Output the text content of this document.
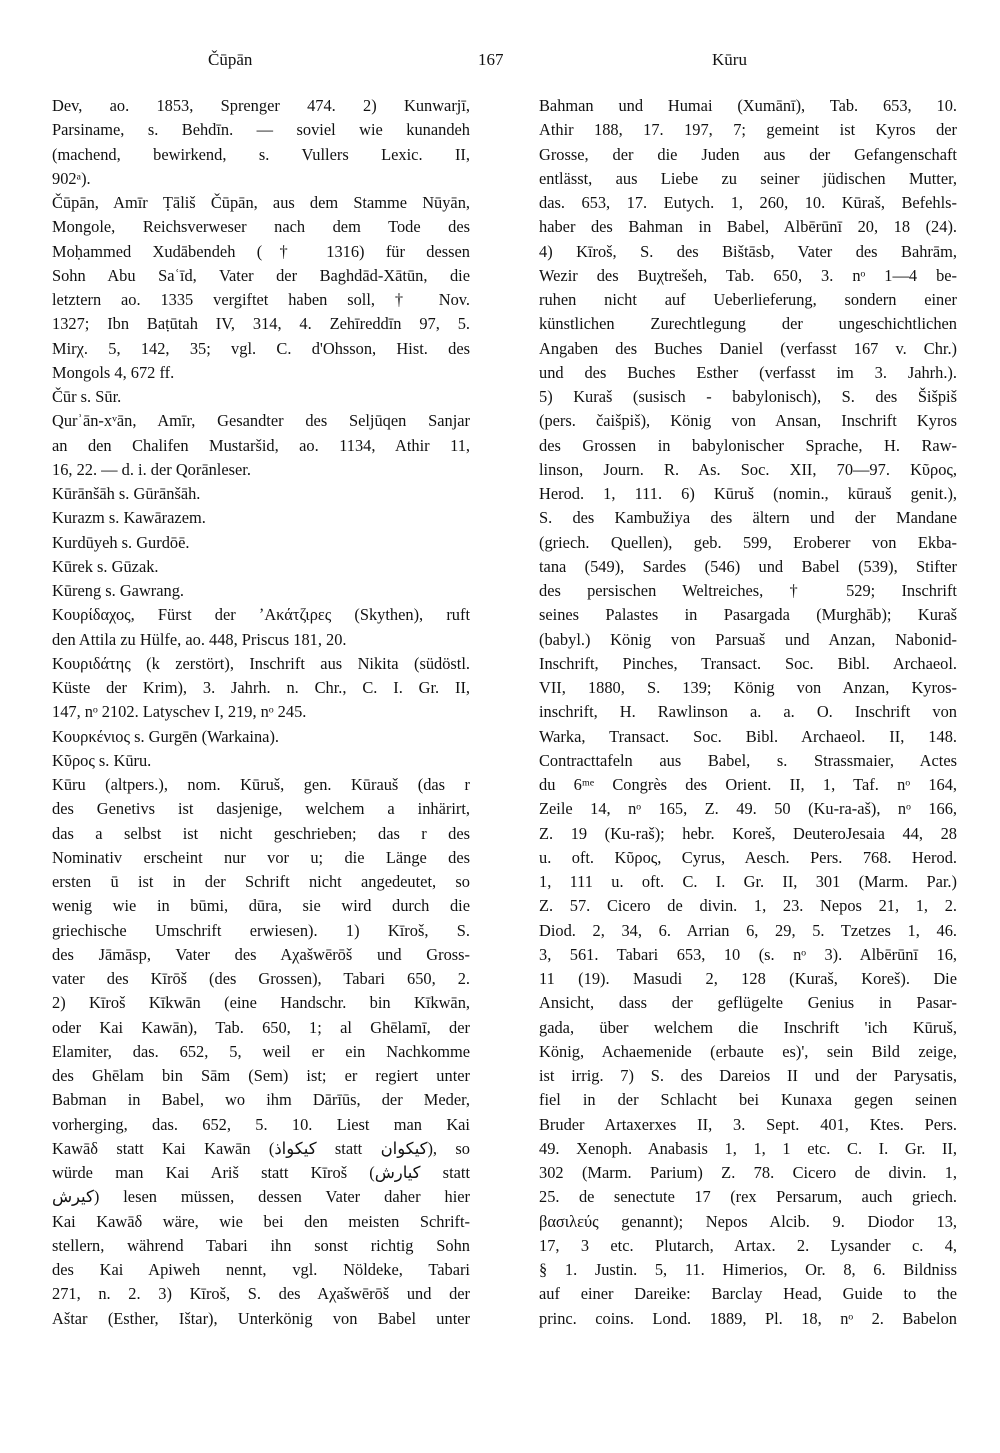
Čūpān	167	Kūru
Dev, ao. 1853, Sprenger 474. 2) Kunwarjī,
Parsiname, s. Behdīn. — soviel wie kunandeh
(machend, bewirkend, s. Vullers Lexic. II,
902ᵃ).
Čūpān, Amīr Ṭāliš Čūpān, aus dem Stamme Nūyān,
Mongole, Reichsverweser nach dem Tode des
Moḥammed Xudābendeh († 1316) für dessen
Sohn Abu Saʿīd, Vater der Baghdād-Xātūn, die
letztern ao. 1335 vergiftet haben soll, † Nov.
1327; Ibn Baṭūtah IV, 314, 4. Zehīreddīn 97, 5.
Mirχ. 5, 142, 35; vgl. C. d'Ohsson, Hist. des
Mongols 4, 672 ff.
Čūr s. Sūr.
Qurʾān-xᵛān, Amīr, Gesandter des Seljūqen Sanjar
an den Chalifen Mustaršid, ao. 1134, Athir 11,
16, 22. — d. i. der Qorānleser.
Kūrānšāh s. Gūrānšāh.
Kurazm s. Kawārazem.
Kurdūyeh s. Gurdōē.
Kūrek s. Gūzak.
Kūreng s. Gawrang.
Κουρίδαχος, Fürst der ʼΑκάτζιρες (Skythen), ruft
den Attila zu Hülfe, ao. 448, Priscus 181, 20.
Κουριδάτης (k zerstört), Inschrift aus Nikita (südöstl.
Küste der Krim), 3. Jahrh. n. Chr., C. I. Gr. II,
147, nᵒ 2102. Latyschev I, 219, nᵒ 245.
Κουρκένιος s. Gurgēn (Warkaina).
Κῦρος s. Kūru.
Kūru (altpers.), nom. Kūruš, gen. Kūrauš (das r
des Genetivs ist dasjenige, welchem a inhärirt,
das a selbst ist nicht geschrieben; das r des
Nominativ erscheint nur vor u; die Länge des
ersten ū ist in der Schrift nicht angedeutet, so
wenig wie in būmi, dūra, sie wird durch die
griechische Umschrift erwiesen). 1) Kīroš, S.
des Jāmāsp, Vater des Aχašwērōš und Gross-
vater des Kīrōš (des Grossen), Tabari 650, 2.
2) Kīroš Kīkwān (eine Handschr. bin Kīkwān,
oder Kai Kawān), Tab. 650, 1; al Ghēlamī, der
Elamiter, das. 652, 5, weil er ein Nachkomme
des Ghēlam bin Sām (Sem) ist; er regiert unter
Babman in Babel, wo ihm Dārīūs, der Meder,
vorherging, das. 652, 5. 10. Liest man Kai
Kawāδ statt Kai Kawān (كيكواذ statt كيكوان), so
würde man Kai Ariš statt Kīroš (كيارش statt
كيرش) lesen müssen, dessen Vater daher hier
Kai Kawāδ wäre, wie bei den meisten Schrift-
stellern, während Tabari ihn sonst richtig Sohn
des Kai Apiweh nennt, vgl. Nöldeke, Tabari
271, n. 2. 3) Kīroš, S. des Aχašwērōš und der
Aštar (Esther, Ištar), Unterkönig von Babel unter
Bahman und Humai (Xumānī), Tab. 653, 10.
Athir 188, 17. 197, 7; gemeint ist Kyros der
Grosse, der die Juden aus der Gefangenschaft
entlässt, aus Liebe zu seiner jüdischen Mutter,
das. 653, 17. Eutych. 1, 260, 10. Kūraš, Befehls-
haber des Bahman in Babel, Albērūnī 20, 18 (24).
4) Kīroš, S. des Bištāsb, Vater des Bahrām,
Wezir des Buχtrešeh, Tab. 650, 3. nᵒ 1—4 be-
ruhen nicht auf Ueberlieferung, sondern einer
künstlichen Zurechtlegung der ungeschichtlichen
Angaben des Buches Daniel (verfasst 167 v. Chr.)
und des Buches Esther (verfasst im 3. Jahrh.).
5) Kuraš (susisch - babylonisch), S. des Šišpiš
(pers. čaišpiš), König von Ansan, Inschrift Kyros
des Grossen in babylonischer Sprache, H. Raw-
linson, Journ. R. As. Soc. XII, 70—97. Κῦρος,
Herod. 1, 111. 6) Kūruš (nomin., kūrauš genit.),
S. des Kambužiya des ältern und der Mandane
(griech. Quellen), geb. 599, Eroberer von Ekba-
tana (549), Sardes (546) und Babel (539), Stifter
des persischen Weltreiches, † 529; Inschrift
seines Palastes in Pasargada (Murghāb); Kuraš
(babyl.) König von Parsuaš und Anzan, Nabonid-
Inschrift, Pinches, Transact. Soc. Bibl. Archaeol.
VII, 1880, S. 139; König von Anzan, Kyros-
inschrift, H. Rawlinson a. a. O. Inschrift von
Warka, Transact. Soc. Bibl. Archaeol. II, 148.
Contracttafeln aus Babel, s. Strassmaier, Actes
du 6ᵐᵉ Congrès des Orient. II, 1, Taf. nᵒ 164,
Zeile 14, nᵒ 165, Z. 49. 50 (Ku-ra-aš), nᵒ 166,
Z. 19 (Ku-raš); hebr. Koreš, DeuteroJesaia 44, 28
u. oft. Κῦρος, Cyrus, Aesch. Pers. 768. Herod.
1, 111 u. oft. C. I. Gr. II, 301 (Marm. Par.)
Z. 57. Cicero de divin. 1, 23. Nepos 21, 1, 2.
Diod. 2, 34, 6. Arrian 6, 29, 5. Tzetzes 1, 46.
3, 561. Tabari 653, 10 (s. nᵒ 3). Albērūnī 16,
11 (19). Masudi 2, 128 (Kuraš, Koreš). Die
Ansicht, dass der geflügelte Genius in Pasar-
gada, über welchem die Inschrift 'ich Kūruš,
König, Achaemenide (erbaute es)', sein Bild zeige,
ist irrig. 7) S. des Dareios II und der Parysatis,
fiel in der Schlacht bei Kunaxa gegen seinen
Bruder Artaxerxes II, 3. Sept. 401, Ktes. Pers.
49. Xenoph. Anabasis 1, 1, 1 etc. C. I. Gr. II,
302 (Marm. Parium) Z. 78. Cicero de divin. 1,
25. de senectute 17 (rex Persarum, auch griech.
βασιλεύς genannt); Nepos Alcib. 9. Diodor 13,
17, 3 etc. Plutarch, Artax. 2. Lysander c. 4,
§ 1. Justin. 5, 11. Himerios, Or. 8, 6. Bildniss
auf einer Dareike: Barclay Head, Guide to the
princ. coins. Lond. 1889, Pl. 18, nᵒ 2. Babelon
